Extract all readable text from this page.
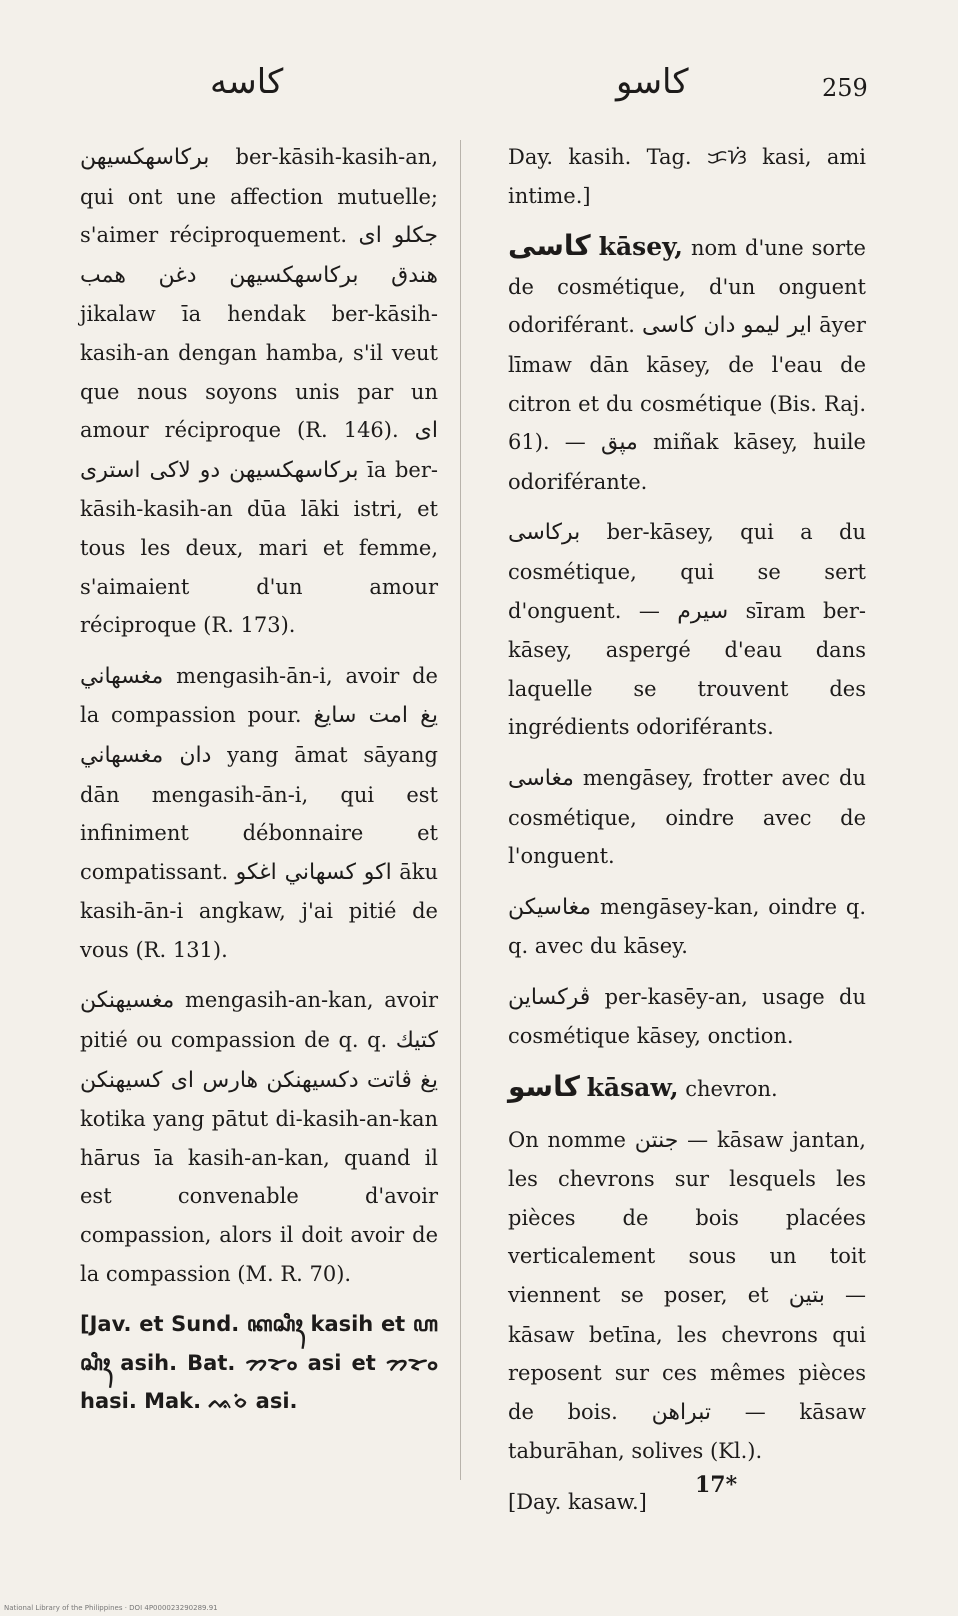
كاسه	كاسو	259

بركاسهكسيهن ber-kāsih-kasih-an, qui ont une affection mutuelle; s'aimer réciproquement. جكلو اى هندق بركاسهكسيهن دغن همب jikalaw īa hendak ber-kāsih-kasih-an dengan hamba, s'il veut que nous soyons unis par un amour réciproque (R. 146). اى بركاسهكسيهن دو لاكى استرى īa ber-kāsih-kasih-an dūa lāki istri, et tous les deux, mari et femme, s'aimaient d'un amour réciproque (R. 173).

مغسهاني mengasih-ān-i, avoir de la compassion pour. يغ امت سايغ دان مغسهاني yang āmat sāyang dān mengasih-ān-i, qui est infiniment débonnaire et compatissant. اكو كسهاني اغكو āku kasih-ān-i angkaw, j'ai pitié de vous (R. 131).

مغسيهنكن mengasih-an-kan, avoir pitié ou compassion de q. q. كتيك يغ ڤاتت دكسيهنكن هارس اى كسيهنكن kotika yang pātut di-kasih-an-kan hārus īa kasih-an-kan, quand il est convenable d'avoir compassion, alors il doit avoir de la compassion (M. R. 70).

[Jav. et Sund. ꦏꦱꦶꦃ kasih et ꦲꦱꦶꦃ asih. Bat. ᯂᯘᯪ asi et ᯂᯘᯪ hasi. Mak. ᨕᨔᨗ asi.

Day. kasih. Tag. ᜃᜐᜒ kasi, ami intime.]

كاسى kāsey, nom d'une sorte de cosmétique, d'un onguent odoriférant. اير ليمو دان كاسى āyer līmaw dān kāsey, de l'eau de citron et du cosmétique (Bis. Raj. 61). — مپق miñak kāsey, huile odoriférante.

بركاسى ber-kāsey, qui a du cosmétique, qui se sert d'onguent. — سيرم sīram ber-kāsey, aspergé d'eau dans laquelle se trouvent des ingrédients odoriférants.

مغاسى mengāsey, frotter avec du cosmétique, oindre avec de l'onguent.

مغاسيكن mengāsey-kan, oindre q. q. avec du kāsey.

ڤركساين per-kasēy-an, usage du cosmétique kāsey, onction.

كاسو kāsaw, chevron.

On nomme جنتن — kāsaw jantan, les chevrons sur lesquels les pièces de bois placées verticalement sous un toit viennent se poser, et بتين — kāsaw betīna, les chevrons qui reposent sur ces mêmes pièces de bois. تبراهن — kāsaw taburāhan, solives (Kl.).

[Day. kasaw.]

17*
National Library of the Philippines · DOI 4P000023290289.91
